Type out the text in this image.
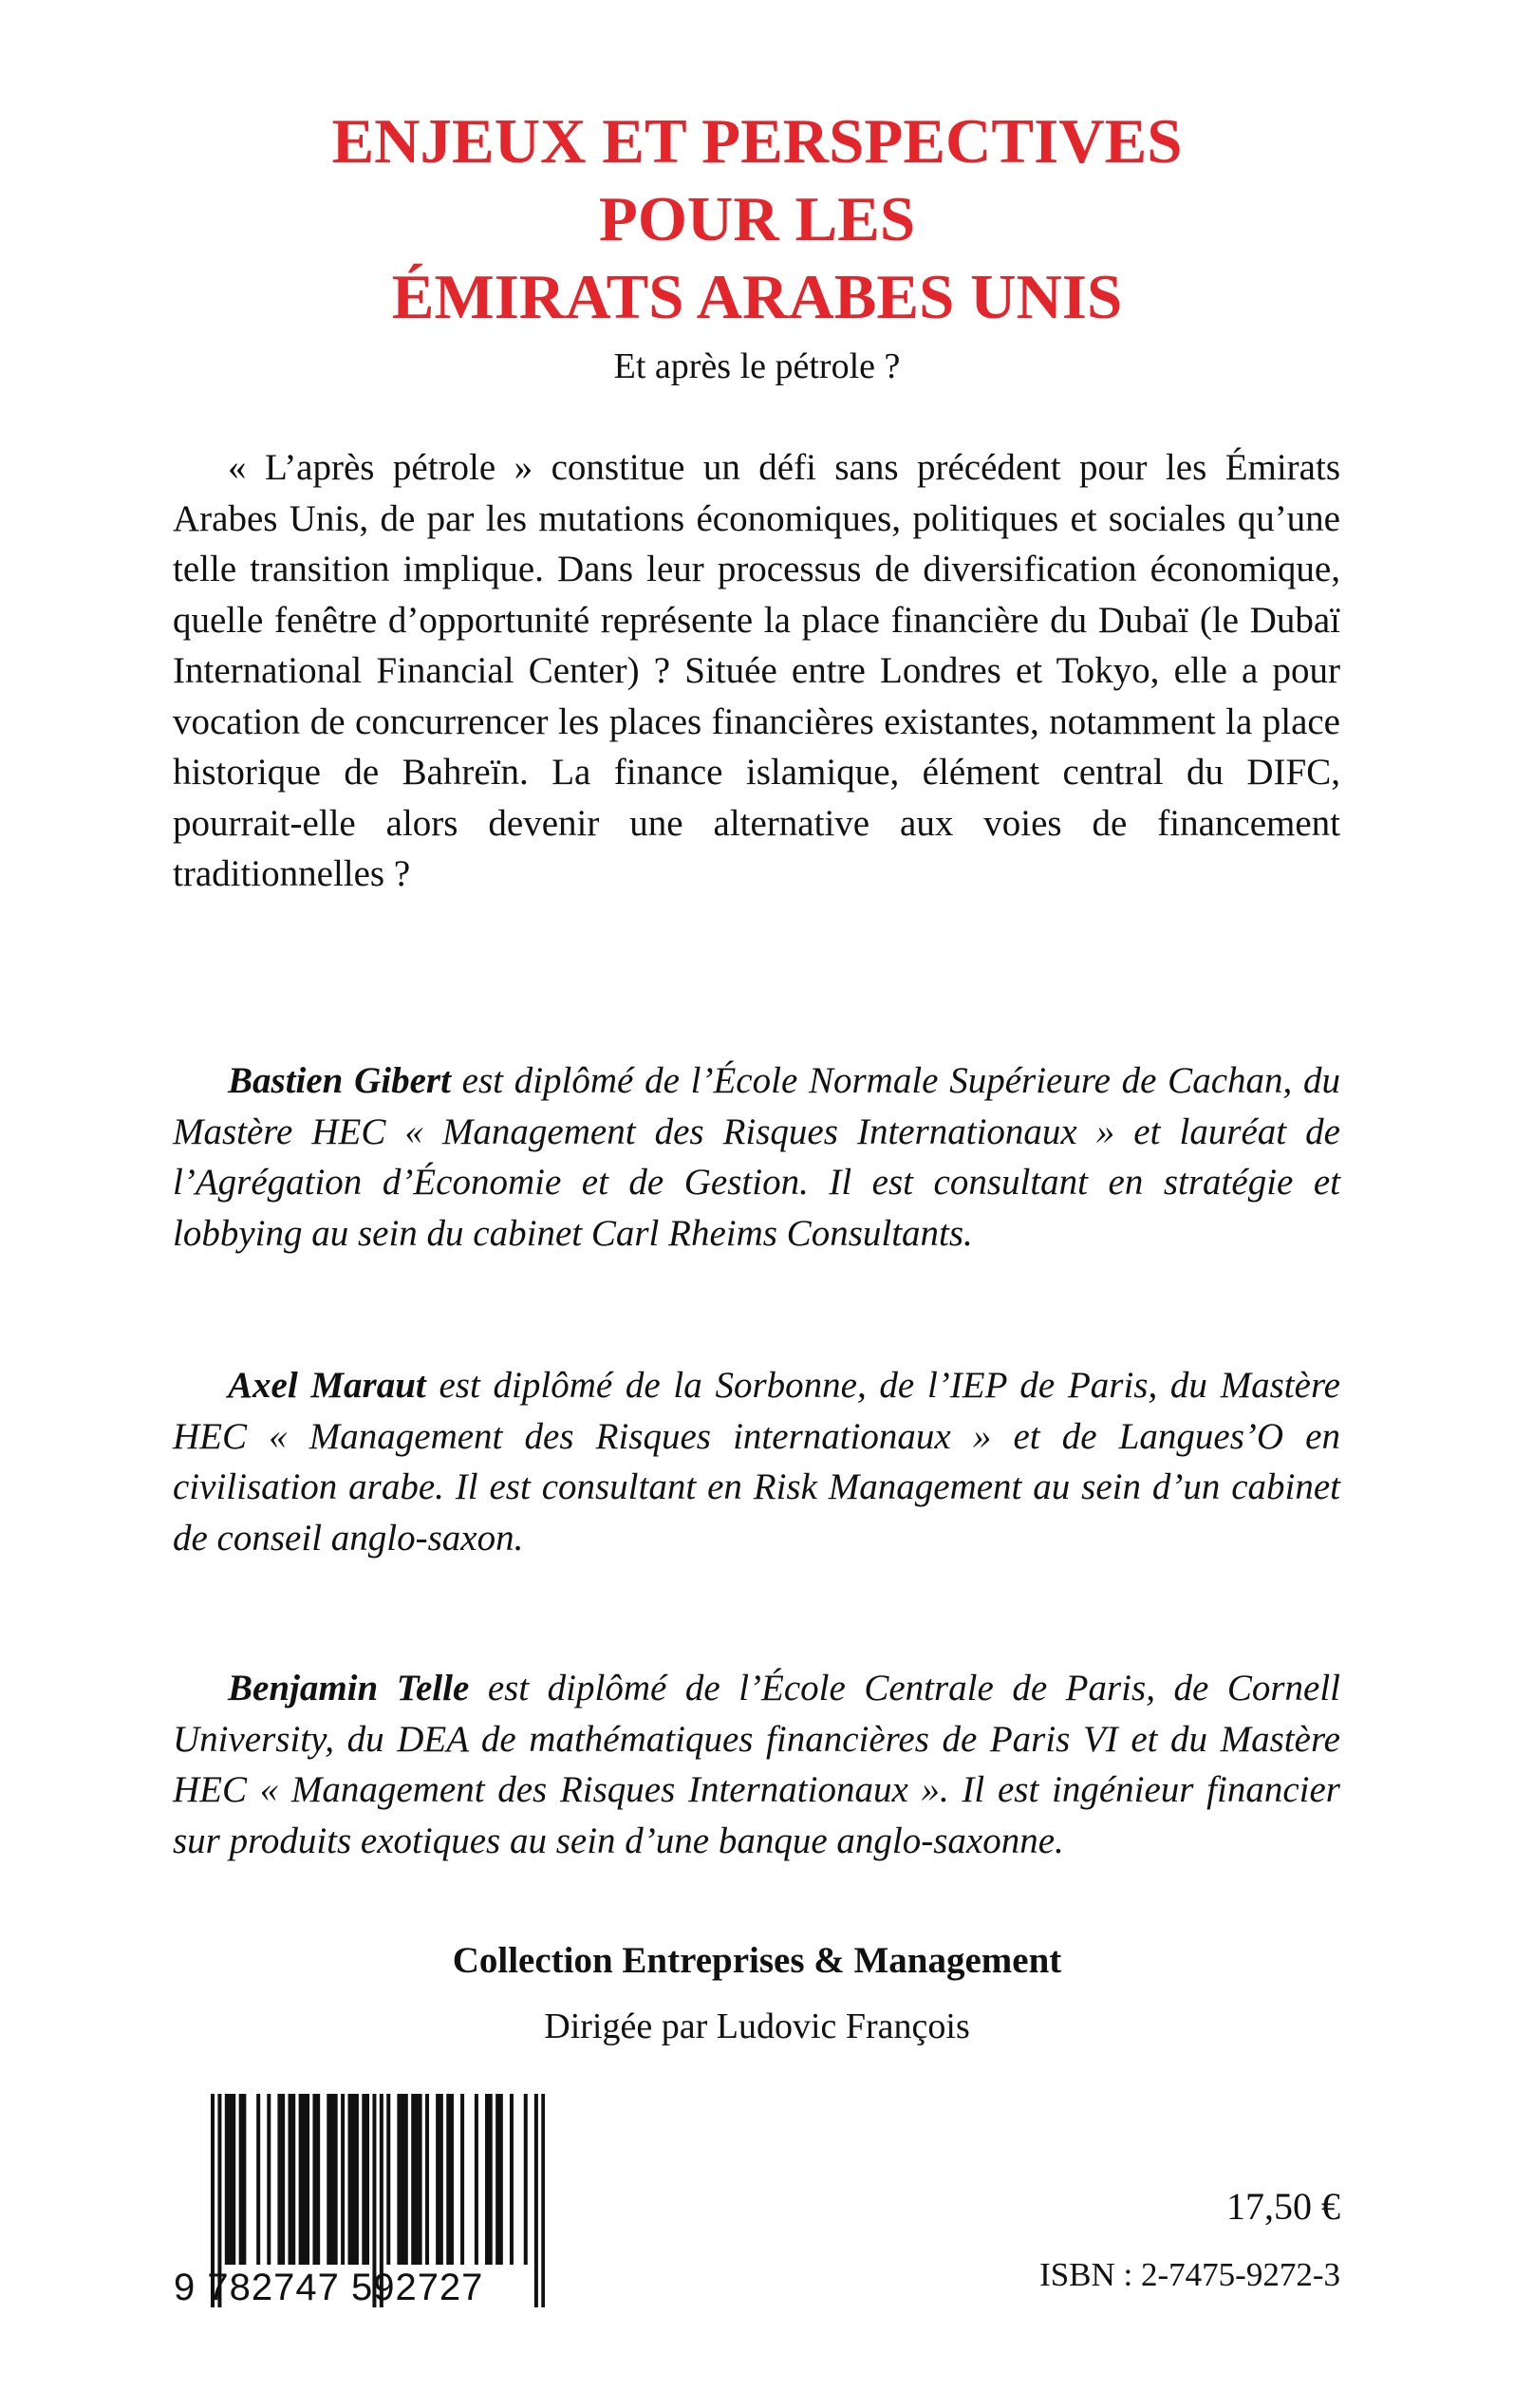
ENJEUX ET PERSPECTIVES
POUR LES
ÉMIRATS ARABES UNIS
Et après le pétrole ?

« L’après pétrole » constitue un défi sans précédent pour les Émirats Arabes Unis, de par les mutations économiques, politiques et sociales qu’une telle transition implique. Dans leur processus de diversification économique, quelle fenêtre d’opportunité représente la place financière du Dubaï (le Dubaï International Financial Center) ? Située entre Londres et Tokyo, elle a pour vocation de concurrencer les places financières existantes, notamment la place historique de Bahreïn. La finance islamique, élément central du DIFC, pourrait-elle alors devenir une alternative aux voies de financement traditionnelles ?

Bastien Gibert est diplômé de l’École Normale Supérieure de Cachan, du Mastère HEC « Management des Risques Internationaux » et lauréat de l’Agrégation d’Économie et de Gestion. Il est consultant en stratégie et lobbying au sein du cabinet Carl Rheims Consultants.

Axel Maraut est diplômé de la Sorbonne, de l’IEP de Paris, du Mastère HEC « Management des Risques internationaux » et de Langues’O en civilisation arabe. Il est consultant en Risk Management au sein d’un cabinet de conseil anglo-saxon.

Benjamin Telle est diplômé de l’École Centrale de Paris, de Cornell University, du DEA de mathématiques financières de Paris VI et du Mastère HEC « Management des Risques Internationaux ». Il est ingénieur financier sur produits exotiques au sein d’une banque anglo-saxonne.

Collection Entreprises & Management
Dirigée par Ludovic François
9 782747 592727
17,50 €
ISBN : 2-7475-9272-3
